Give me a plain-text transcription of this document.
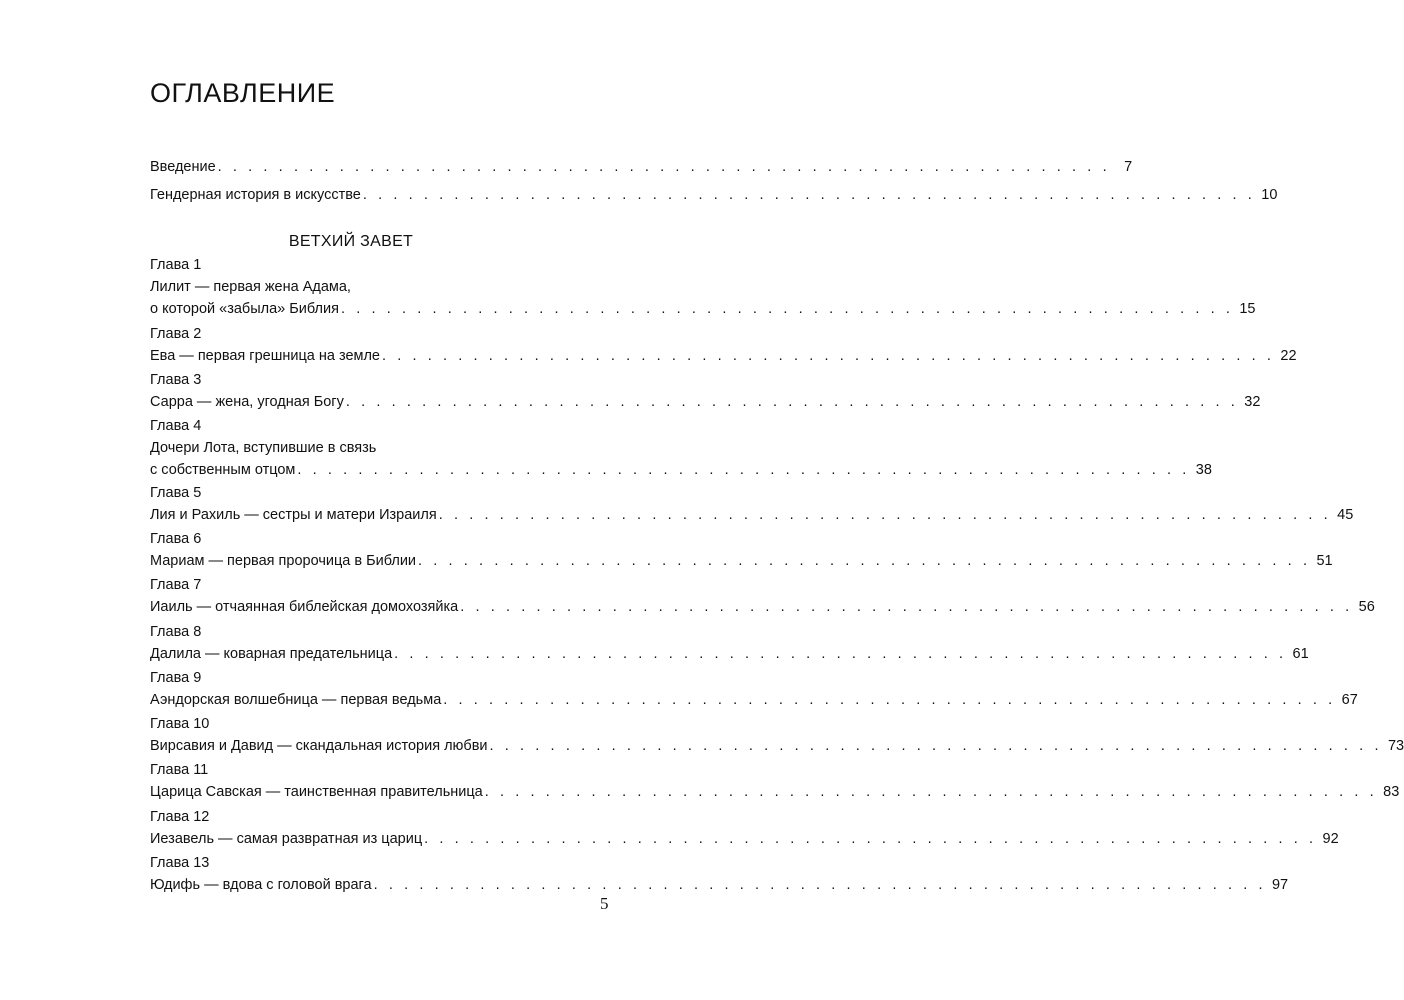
ОГЛАВЛЕНИЕ
Введение . . . . . . . . . . . . . . . . . . . . . . . . . . . . . . . . . . . . . . . . . . . . . . . . . . . . . . . . . . . 7
Гендерная история в искусстве . . . . . . . . . . . . . . . . . . . . . . . . . . . . . . . . . . . . . . . . . . . . . . . . . . . . . . . . . . . 10
ВЕТХИЙ ЗАВЕТ
Глава 1
Лилит — первая жена Адама,
о которой «забыла» Библия . . . . . . . . . . . . . . . . . . . . . . . . . . . . . . . . . . . . . . . . . . . . . . . . . . . . . . . . . . . 15
Глава 2
Ева — первая грешница на земле . . . . . . . . . . . . . . . . . . . . . . . . . . . . . . . . . . . . . . . . . . . . . . . . . . . . . . . . . . . 22
Глава 3
Сарра — жена, угодная Богу . . . . . . . . . . . . . . . . . . . . . . . . . . . . . . . . . . . . . . . . . . . . . . . . . . . . . . . . . . . 32
Глава 4
Дочери Лота, вступившие в связь
с собственным отцом . . . . . . . . . . . . . . . . . . . . . . . . . . . . . . . . . . . . . . . . . . . . . . . . . . . . . . . . . . . 38
Глава 5
Лия и Рахиль — сестры и матери Израиля . . . . . . . . . . . . . . . . . . . . . . . . . . . . . . . . . . . . . . . . . . . . . . . . . . . . . . . . . . . 45
Глава 6
Мариам — первая пророчица в Библии . . . . . . . . . . . . . . . . . . . . . . . . . . . . . . . . . . . . . . . . . . . . . . . . . . . . . . . . . . . 51
Глава 7
Иаиль — отчаянная библейская домохозяйка . . . . . . . . . . . . . . . . . . . . . . . . . . . . . . . . . . . . . . . . . . . . . . . . . . . . . . . . . . . 56
Глава 8
Далила — коварная предательница . . . . . . . . . . . . . . . . . . . . . . . . . . . . . . . . . . . . . . . . . . . . . . . . . . . . . . . . . . . 61
Глава 9
Аэндорская волшебница — первая ведьма . . . . . . . . . . . . . . . . . . . . . . . . . . . . . . . . . . . . . . . . . . . . . . . . . . . . . . . . . . . 67
Глава 10
Вирсавия и Давид — скандальная история любви . . . . . . . . . . . . . . . . . . . . . . . . . . . . . . . . . . . . . . . . . . . . . . . . . . . . . . . . . . . 73
Глава 11
Царица Савская — таинственная правительница . . . . . . . . . . . . . . . . . . . . . . . . . . . . . . . . . . . . . . . . . . . . . . . . . . . . . . . . . . . 83
Глава 12
Иезавель — самая развратная из цариц . . . . . . . . . . . . . . . . . . . . . . . . . . . . . . . . . . . . . . . . . . . . . . . . . . . . . . . . . . . 92
Глава 13
Юдифь — вдова с головой врага . . . . . . . . . . . . . . . . . . . . . . . . . . . . . . . . . . . . . . . . . . . . . . . . . . . . . . . . . . . 97
5
